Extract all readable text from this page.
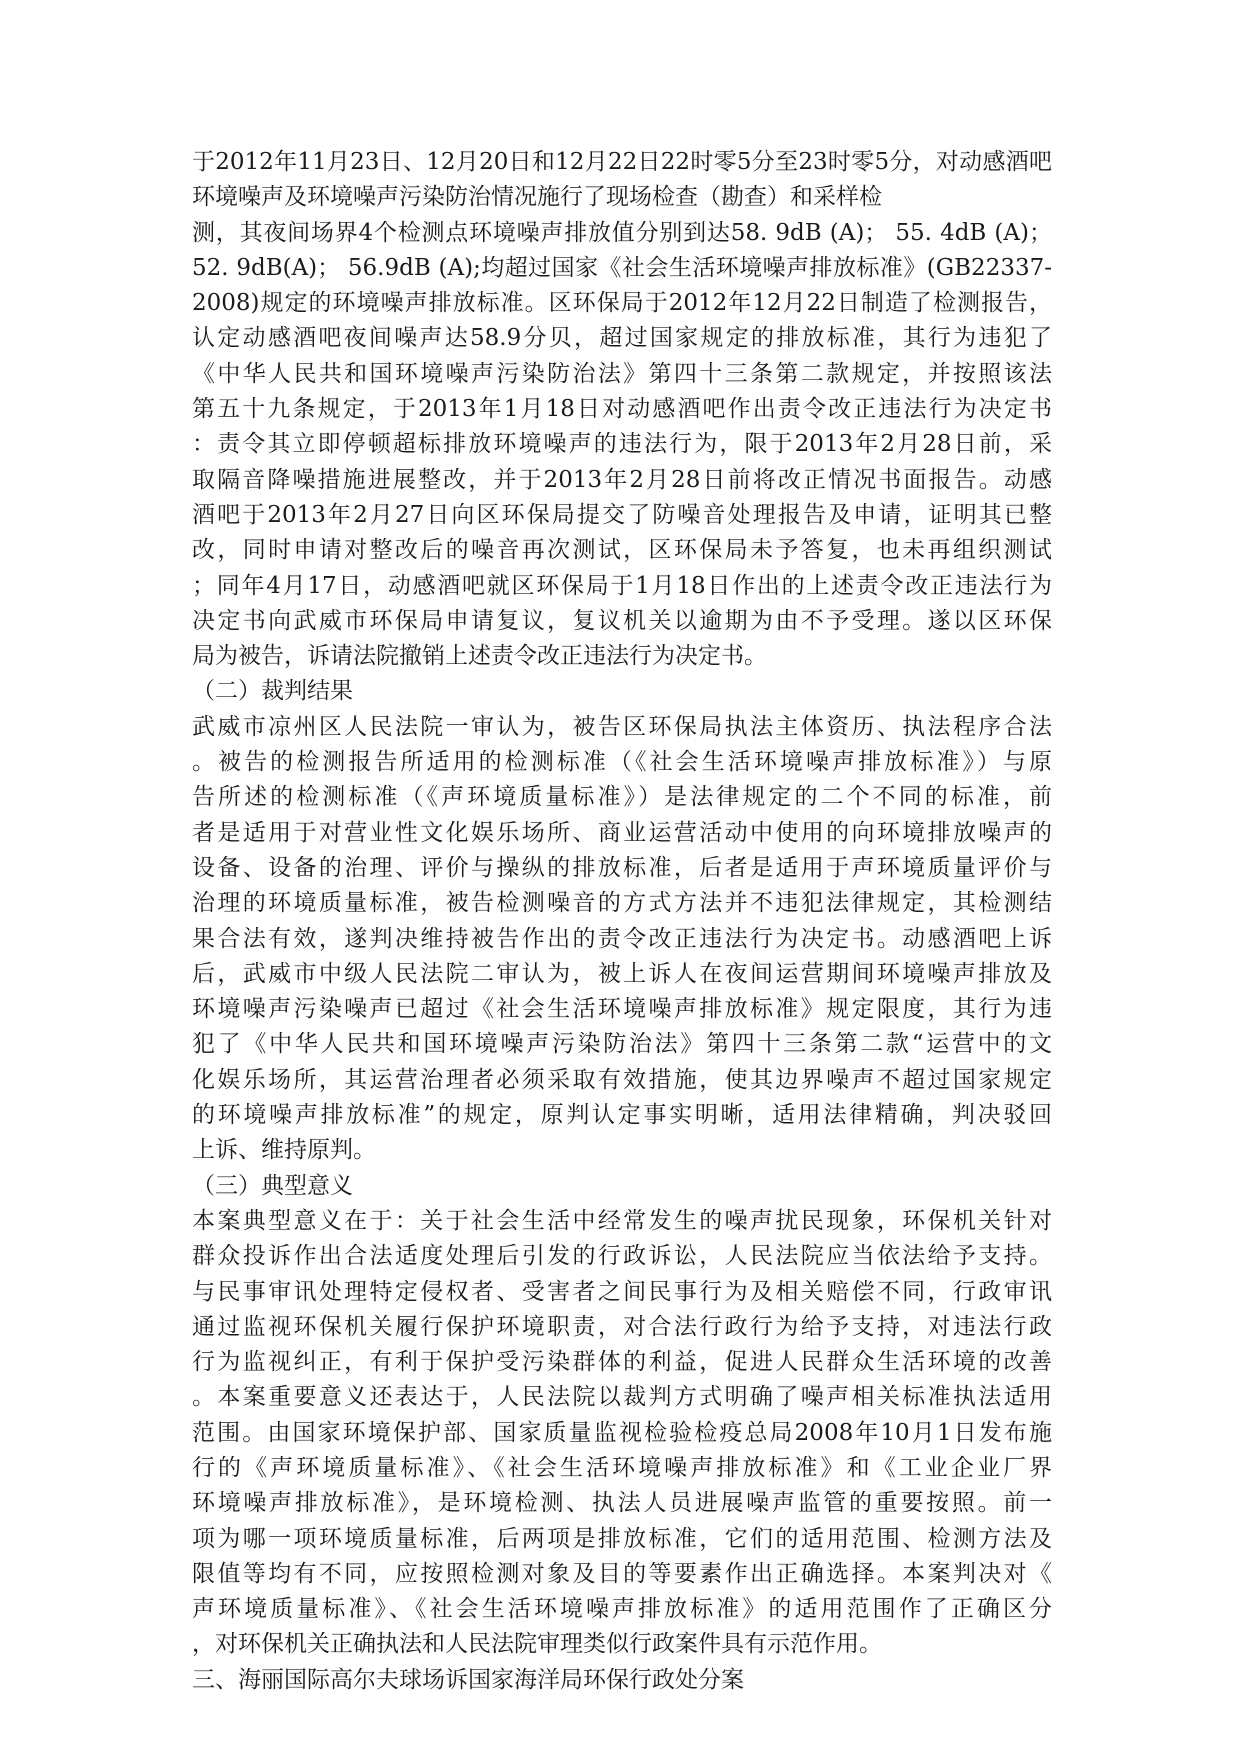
于2012年11月23日、12月20日和12月22日22时零5分至23时零5分，对动感酒吧
环境噪声及环境噪声污染防治情况施行了现场检查（勘查）和采样检
测，其夜间场界4个检测点环境噪声排放值分别到达58. 9dB (A)； 55. 4dB (A)；
52. 9dB(A)； 56.9dB (A);均超过国家《社会生活环境噪声排放标准》(GB22337-
2008)规定的环境噪声排放标准。区环保局于2012年12月22日制造了检测报告，
认定动感酒吧夜间噪声达58.9分贝，超过国家规定的排放标准，其行为违犯了
《中华人民共和国环境噪声污染防治法》第四十三条第二款规定，并按照该法
第五十九条规定，于2013年1月18日对动感酒吧作出责令改正违法行为决定书
：责令其立即停顿超标排放环境噪声的违法行为，限于2013年2月28日前，采
取隔音降噪措施进展整改，并于2013年2月28日前将改正情况书面报告。动感
酒吧于2013年2月27日向区环保局提交了防噪音处理报告及申请，证明其已整
改，同时申请对整改后的噪音再次测试，区环保局未予答复，也未再组织测试
；同年4月17日，动感酒吧就区环保局于1月18日作出的上述责令改正违法行为
决定书向武威市环保局申请复议，复议机关以逾期为由不予受理。遂以区环保
局为被告，诉请法院撤销上述责令改正违法行为决定书。
（二）裁判结果
武威市凉州区人民法院一审认为，被告区环保局执法主体资历、执法程序合法
。被告的检测报告所适用的检测标准（《社会生活环境噪声排放标准》）与原
告所述的检测标准（《声环境质量标准》）是法律规定的二个不同的标准，前
者是适用于对营业性文化娱乐场所、商业运营活动中使用的向环境排放噪声的
设备、设备的治理、评价与操纵的排放标准，后者是适用于声环境质量评价与
治理的环境质量标准，被告检测噪音的方式方法并不违犯法律规定，其检测结
果合法有效，遂判决维持被告作出的责令改正违法行为决定书。动感酒吧上诉
后，武威市中级人民法院二审认为，被上诉人在夜间运营期间环境噪声排放及
环境噪声污染噪声已超过《社会生活环境噪声排放标准》规定限度，其行为违
犯了《中华人民共和国环境噪声污染防治法》第四十三条第二款“运营中的文
化娱乐场所，其运营治理者必须采取有效措施，使其边界噪声不超过国家规定
的环境噪声排放标准”的规定，原判认定事实明晰，适用法律精确，判决驳回
上诉、维持原判。
（三）典型意义
本案典型意义在于：关于社会生活中经常发生的噪声扰民现象，环保机关针对
群众投诉作出合法适度处理后引发的行政诉讼，人民法院应当依法给予支持。
与民事审讯处理特定侵权者、受害者之间民事行为及相关赔偿不同，行政审讯
通过监视环保机关履行保护环境职责，对合法行政行为给予支持，对违法行政
行为监视纠正，有利于保护受污染群体的利益，促进人民群众生活环境的改善
。本案重要意义还表达于，人民法院以裁判方式明确了噪声相关标准执法适用
范围。由国家环境保护部、国家质量监视检验检疫总局2008年10月1日发布施
行的《声环境质量标准》、《社会生活环境噪声排放标准》和《工业企业厂界
环境噪声排放标准》，是环境检测、执法人员进展噪声监管的重要按照。前一
项为哪一项环境质量标准，后两项是排放标准，它们的适用范围、检测方法及
限值等均有不同，应按照检测对象及目的等要素作出正确选择。本案判决对《
声环境质量标准》、《社会生活环境噪声排放标准》的适用范围作了正确区分
，对环保机关正确执法和人民法院审理类似行政案件具有示范作用。
三、海丽国际高尔夫球场诉国家海洋局环保行政处分案
